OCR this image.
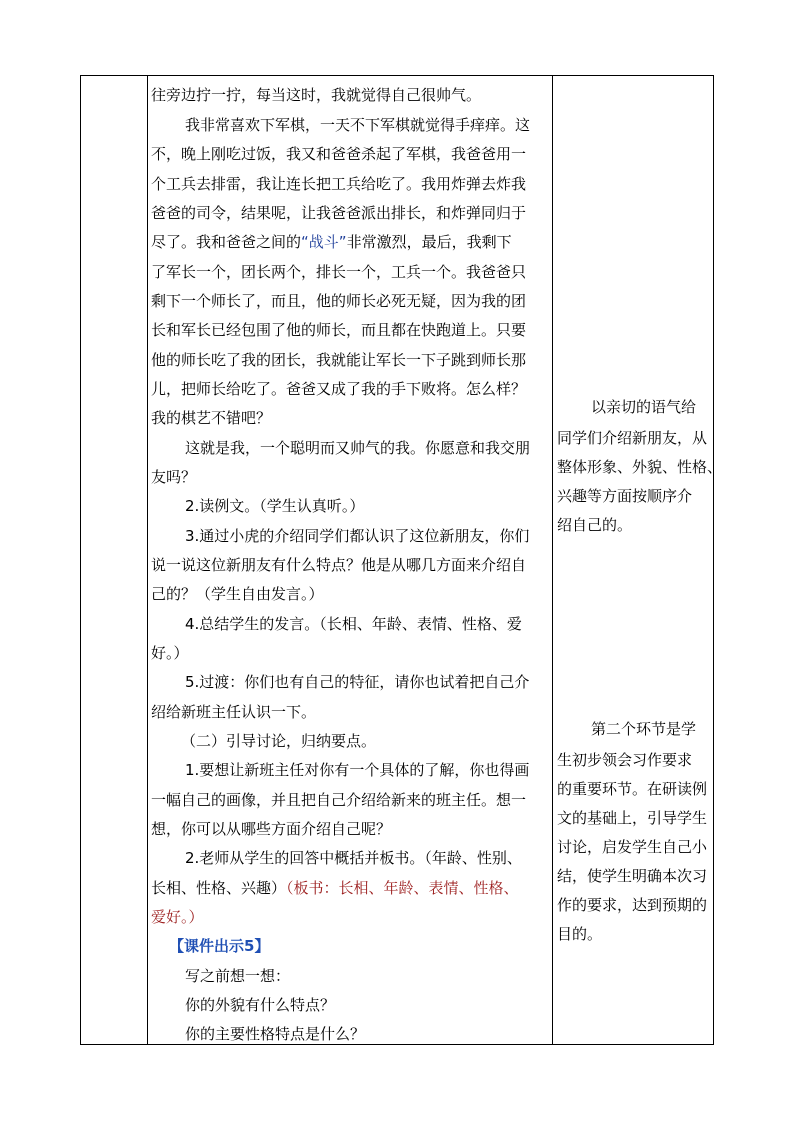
往旁边拧一拧，每当这时，我就觉得自己很帅气。
我非常喜欢下军棋，一天不下军棋就觉得手痒痒。这
不，晚上刚吃过饭，我又和爸爸杀起了军棋，我爸爸用一
个工兵去排雷，我让连长把工兵给吃了。我用炸弹去炸我
爸爸的司令，结果呢，让我爸爸派出排长，和炸弹同归于
尽了。我和爸爸之间的“战斗”非常激烈，最后，我剩下
了军长一个，团长两个，排长一个，工兵一个。我爸爸只
剩下一个师长了，而且，他的师长必死无疑，因为我的团
长和军长已经包围了他的师长，而且都在快跑道上。只要
他的师长吃了我的团长，我就能让军长一下子跳到师长那
儿，把师长给吃了。爸爸又成了我的手下败将。怎么样？
我的棋艺不错吧？
这就是我，一个聪明而又帅气的我。你愿意和我交朋
友吗？
2.读例文。（学生认真听。）
3.通过小虎的介绍同学们都认识了这位新朋友，你们
说一说这位新朋友有什么特点？他是从哪几方面来介绍自
己的？（学生自由发言。）
4.总结学生的发言。（长相、年龄、表情、性格、爱
好。）
5.过渡：你们也有自己的特征，请你也试着把自己介
绍给新班主任认识一下。
（二）引导讨论，归纳要点。
1.要想让新班主任对你有一个具体的了解，你也得画
一幅自己的画像，并且把自己介绍给新来的班主任。想一
想，你可以从哪些方面介绍自己呢？
2.老师从学生的回答中概括并板书。（年龄、性别、
长相、性格、兴趣）（板书：长相、年龄、表情、性格、
爱好。）
【课件出示5】
写之前想一想：
你的外貌有什么特点？
你的主要性格特点是什么？
以亲切的语气给
同学们介绍新朋友，从
整体形象、外貌、性格、
兴趣等方面按顺序介
绍自己的。
第二个环节是学
生初步领会习作要求
的重要环节。在研读例
文的基础上，引导学生
讨论，启发学生自己小
结，使学生明确本次习
作的要求，达到预期的
目的。
